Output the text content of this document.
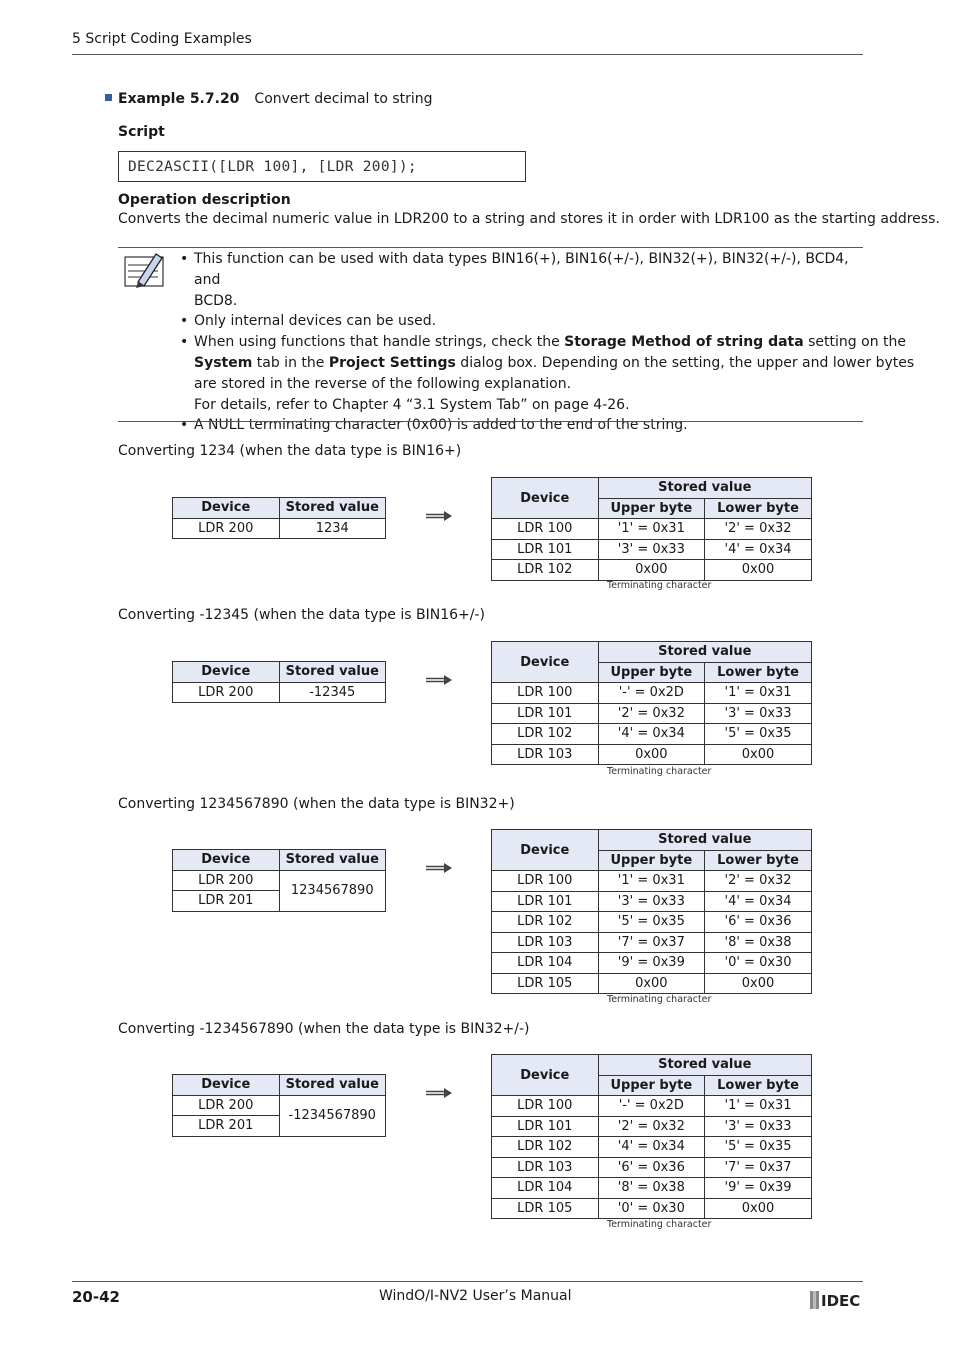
5 Script Coding Examples
Example 5.7.20 Convert decimal to string
Script
DEC2ASCII([LDR 100], [LDR 200]);
Operation description
Converts the decimal numeric value in LDR200 to a string and stores it in order with LDR100 as the starting address.
• This function can be used with data types BIN16(+), BIN16(+/-), BIN32(+), BIN32(+/-), BCD4, and
BCD8.
• Only internal devices can be used.
• When using functions that handle strings, check the Storage Method of string data setting on the
System tab in the Project Settings dialog box. Depending on the setting, the upper and lower bytes
are stored in the reverse of the following explanation.
For details, refer to Chapter 4 “3.1 System Tab” on page 4-26.
• A NULL terminating character (0x00) is added to the end of the string.
Converting 1234 (when the data type is BIN16+)
Device	Stored value
LDR 200	1234
Device	Stored value	
	Upper byte	Lower byte
LDR 100	'1' = 0x31	'2' = 0x32
LDR 101	'3' = 0x33	'4' = 0x34
LDR 102	0x00	0x00
Terminating character
Converting -12345 (when the data type is BIN16+/-)
Device	Stored value
LDR 200	-12345
Device	Stored value	
	Upper byte	Lower byte
LDR 100	'-' = 0x2D	'1' = 0x31
LDR 101	'2' = 0x32	'3' = 0x33
LDR 102	'4' = 0x34	'5' = 0x35
LDR 103	0x00	0x00
Terminating character
Converting 1234567890 (when the data type is BIN32+)
Device	Stored value
LDR 200	1234567890
LDR 201	
Device	Stored value	
	Upper byte	Lower byte
LDR 100	'1' = 0x31	'2' = 0x32
LDR 101	'3' = 0x33	'4' = 0x34
LDR 102	'5' = 0x35	'6' = 0x36
LDR 103	'7' = 0x37	'8' = 0x38
LDR 104	'9' = 0x39	'0' = 0x30
LDR 105	0x00	0x00
Terminating character
Converting -1234567890 (when the data type is BIN32+/-)
Device	Stored value
LDR 200	-1234567890
LDR 201	
Device	Stored value	
	Upper byte	Lower byte
LDR 100	'-' = 0x2D	'1' = 0x31
LDR 101	'2' = 0x32	'3' = 0x33
LDR 102	'4' = 0x34	'5' = 0x35
LDR 103	'6' = 0x36	'7' = 0x37
LDR 104	'8' = 0x38	'9' = 0x39
LDR 105	'0' = 0x30	0x00
Terminating character
20-42	WindO/I-NV2 User’s Manual	IDEC
